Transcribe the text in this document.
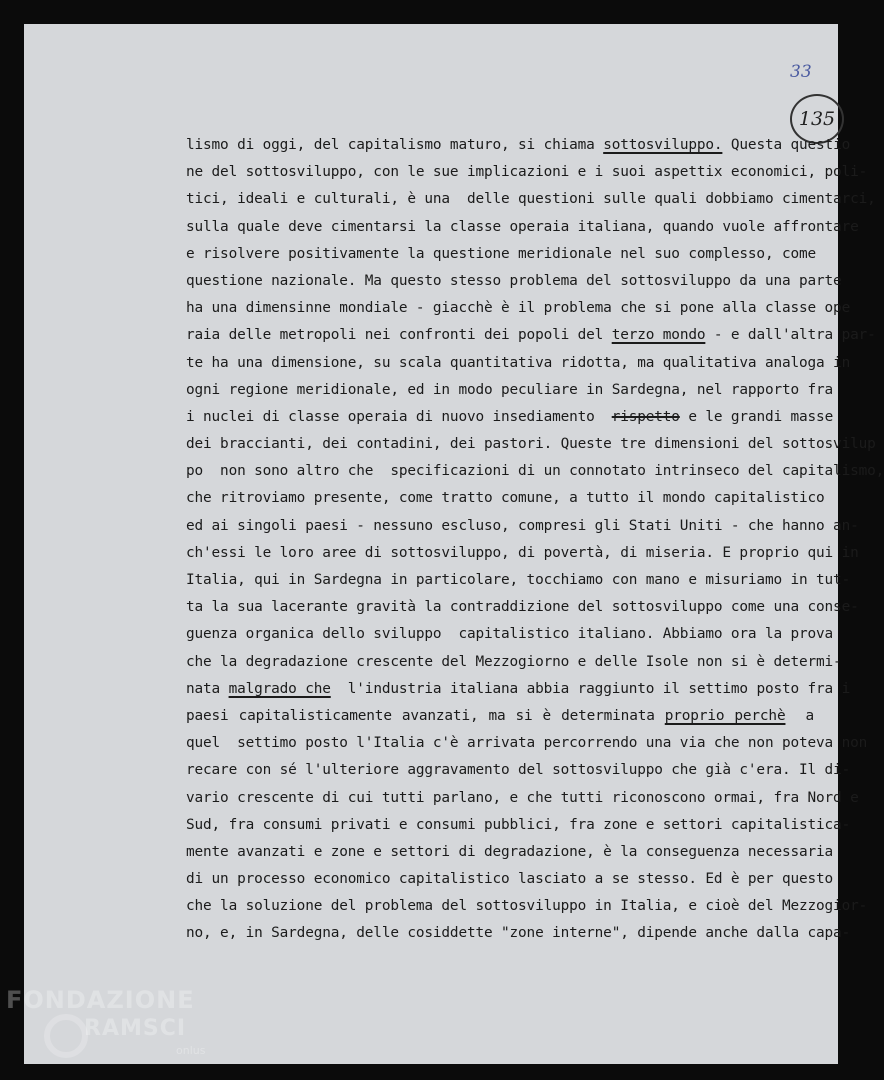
33
135
lismo di oggi, del capitalismo maturo, si chiama sottosviluppo. Questa questio
ne del sottosviluppo, con le sue implicazioni e i suoi aspettix economici, poli-
tici, ideali e culturali, è una  delle questioni sulle quali dobbiamo cimentarci,
sulla quale deve cimentarsi la classe operaia italiana, quando vuole affrontare
e risolvere positivamente la questione meridionale nel suo complesso, come
questione nazionale. Ma questo stesso problema del sottosviluppo da una parte
ha una dimensinne mondiale - giacchè è il problema che si pone alla classe ope
raia delle metropoli nei confronti dei popoli del terzo mondo - e dall'altra par-
te ha una dimensione, su scala quantitativa ridotta, ma qualitativa analoga in
ogni regione meridionale, ed in modo peculiare in Sardegna, nel rapporto fra
i nuclei di classe operaia di nuovo insediamento  rispetto e le grandi masse
dei braccianti, dei contadini, dei pastori. Queste tre dimensioni del sottosvilup
po  non sono altro che  specificazioni di un connotato intrinseco del capitalismo,
che ritroviamo presente, come tratto comune, a tutto il mondo capitalistico
ed ai singoli paesi - nessuno escluso, compresi gli Stati Uniti - che hanno an-
ch'essi le loro aree di sottosviluppo, di povertà, di miseria. E proprio qui in
Italia, qui in Sardegna in particolare, tocchiamo con mano e misuriamo in tut-
ta la sua lacerante gravità la contraddizione del sottosviluppo come una conse-
guenza organica dello sviluppo  capitalistico italiano. Abbiamo ora la prova
che la degradazione crescente del Mezzogiorno e delle Isole non si è determi-
nata malgrado che  l'industria italiana abbia raggiunto il settimo posto fra i
paesi capitalisticamente avanzati, ma si è determinata proprio perchè  a
quel  settimo posto l'Italia c'è arrivata percorrendo una via che non poteva non
recare con sé l'ulteriore aggravamento del sottosviluppo che già c'era. Il di-
vario crescente di cui tutti parlano, e che tutti riconoscono ormai, fra Nord e
Sud, fra consumi privati e consumi pubblici, fra zone e settori capitalistica-
mente avanzati e zone e settori di degradazione, è la conseguenza necessaria
di un processo economico capitalistico lasciato a se stesso. Ed è per questo
che la soluzione del problema del sottosviluppo in Italia, e cioè del Mezzogior-
no, e, in Sardegna, delle cosiddette "zone interne", dipende anche dalla capa-
FONDAZIONE
RAMSCI
onlus
